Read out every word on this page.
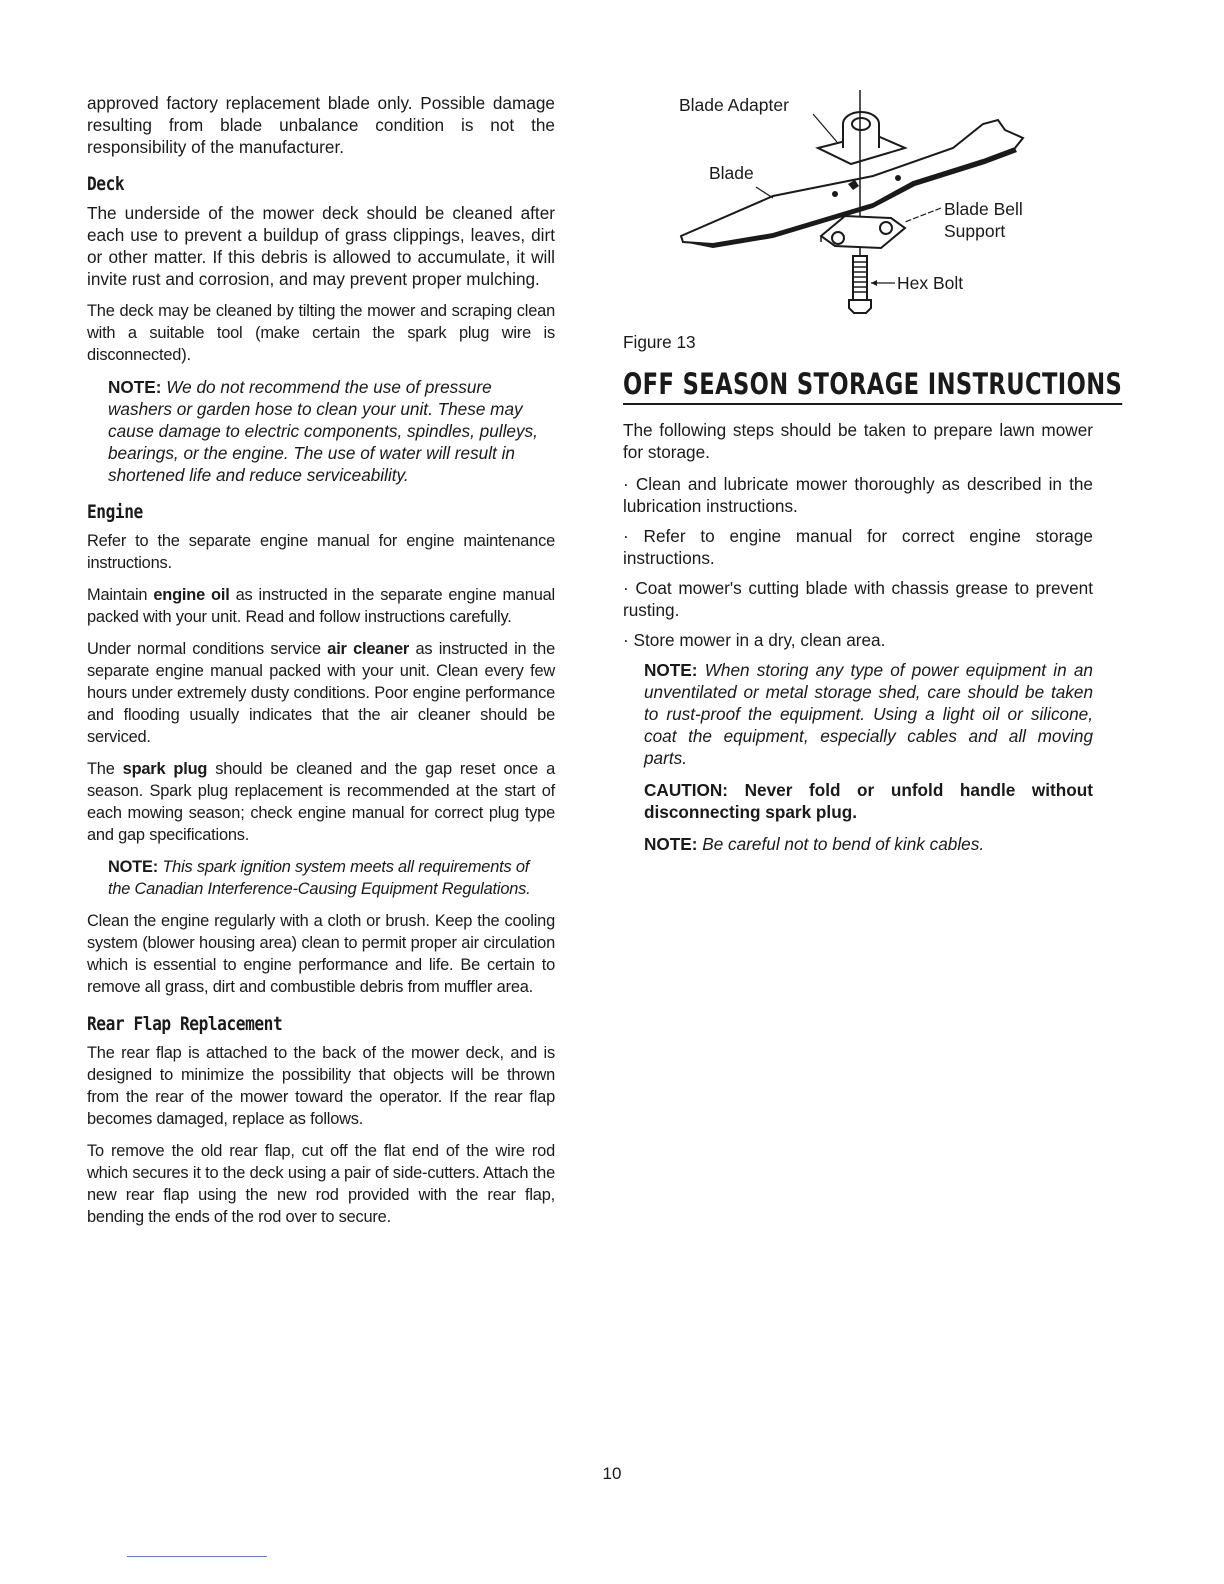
approved factory replacement blade only. Possible damage resulting from blade unbalance condition is not the responsibility of the manufacturer.

Deck

The underside of the mower deck should be cleaned after each use to prevent a buildup of grass clippings, leaves, dirt or other matter. If this debris is allowed to accumulate, it will invite rust and corrosion, and may prevent proper mulching.

The deck may be cleaned by tilting the mower and scraping clean with a suitable tool (make certain the spark plug wire is disconnected).

NOTE: We do not recommend the use of pressure washers or garden hose to clean your unit. These may cause damage to electric components, spindles, pulleys, bearings, or the engine. The use of water will result in shortened life and reduce serviceability.
Engine

Refer to the separate engine manual for engine maintenance instructions.

Maintain engine oil as instructed in the separate engine manual packed with your unit. Read and follow instructions carefully.

Under normal conditions service air cleaner as instructed in the separate engine manual packed with your unit. Clean every few hours under extremely dusty conditions. Poor engine performance and flooding usually indicates that the air cleaner should be serviced.

The spark plug should be cleaned and the gap reset once a season. Spark plug replacement is recommended at the start of each mowing season; check engine manual for correct plug type and gap specifications.

NOTE: This spark ignition system meets all requirements of the Canadian Interference-Causing Equipment Regulations.

Clean the engine regularly with a cloth or brush. Keep the cooling system (blower housing area) clean to permit proper air circulation which is essential to engine performance and life. Be certain to remove all grass, dirt and combustible debris from muffler area.

Rear Flap Replacement

The rear flap is attached to the back of the mower deck, and is designed to minimize the possibility that objects will be thrown from the rear of the mower toward the operator. If the rear flap becomes damaged, replace as follows.

To remove the old rear flap, cut off the flat end of the wire rod which secures it to the deck using a pair of side-cutters. Attach the new rear flap using the new rod provided with the rear flap, bending the ends of the rod over to secure.

Blade Adapter
Blade
Blade Bell
Support
Hex Bolt
Figure 13
OFF SEASON STORAGE INSTRUCTIONS

The following steps should be taken to prepare lawn mower for storage.

· Clean and lubricate mower thoroughly as described in the lubrication instructions.
· Refer to engine manual for correct engine storage instructions.
· Coat mower's cutting blade with chassis grease to prevent rusting.
· Store mower in a dry, clean area.
NOTE: When storing any type of power equipment in an unventilated or metal storage shed, care should be taken to rust-proof the equipment. Using a light oil or silicone, coat the equipment, especially cables and all moving parts.
CAUTION: Never fold or unfold handle without disconnecting spark plug.
NOTE: Be careful not to bend of kink cables.
10
